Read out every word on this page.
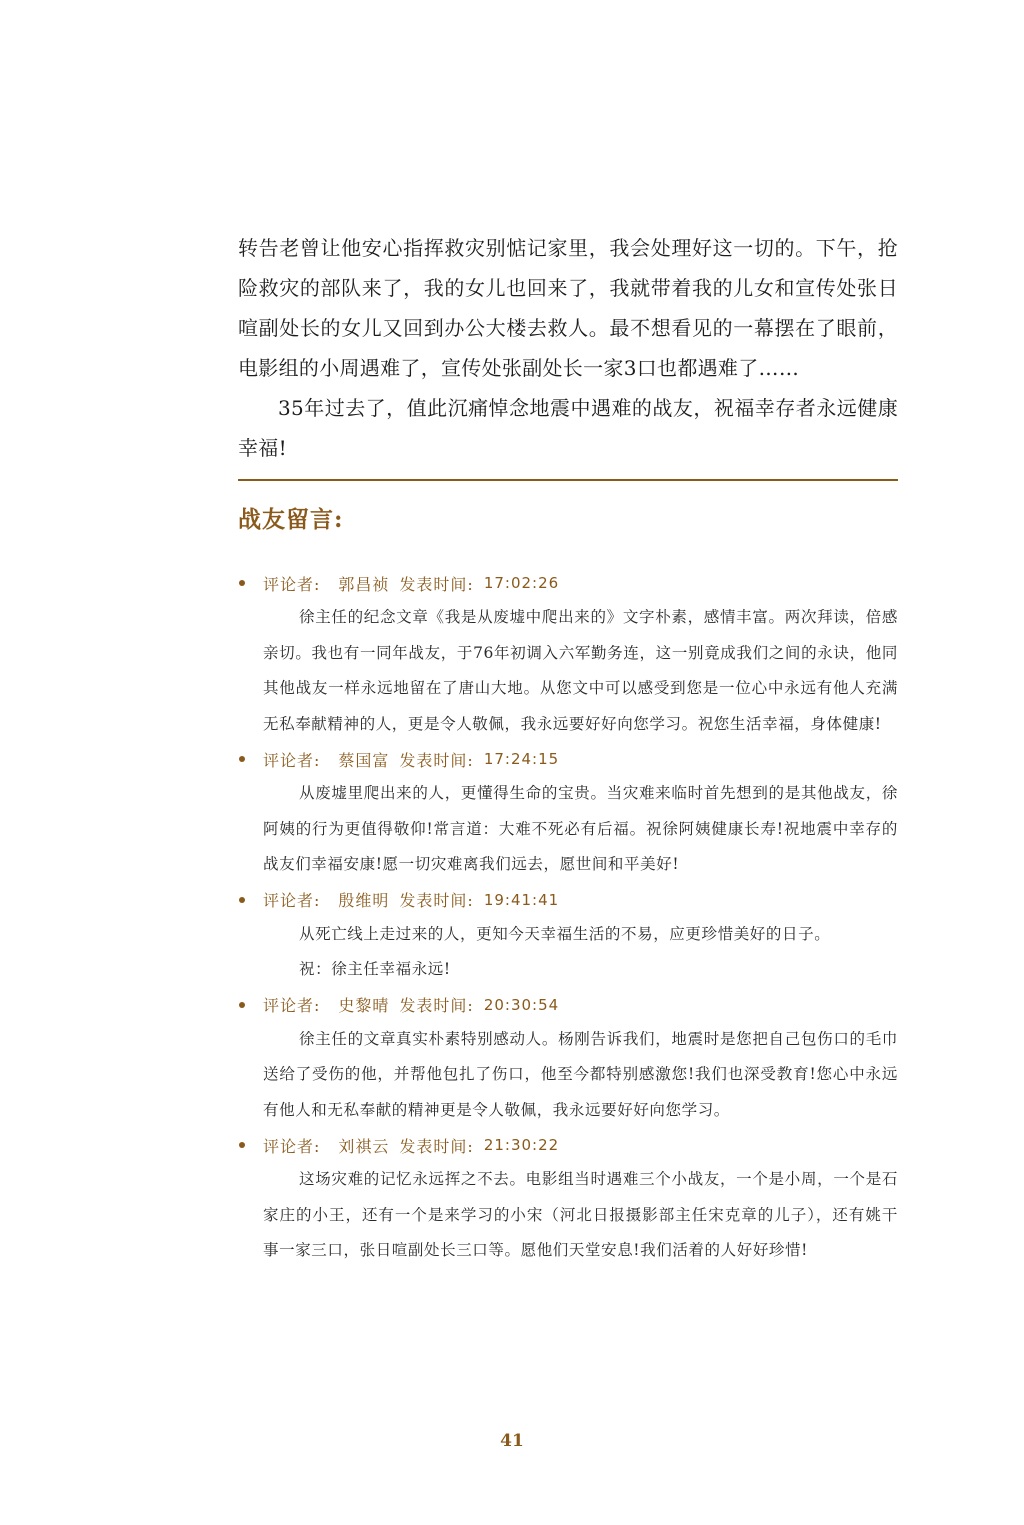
转告老曾让他安心指挥救灾别惦记家里，我会处理好这一切的。下午，抢险救灾的部队来了，我的女儿也回来了，我就带着我的儿女和宣传处张日喧副处长的女儿又回到办公大楼去救人。最不想看见的一幕摆在了眼前，电影组的小周遇难了，宣传处张副处长一家3口也都遇难了……

35年过去了，值此沉痛悼念地震中遇难的战友，祝福幸存者永远健康幸福!

战友留言:
评论者: 郭昌祯 发表时间: 17:02:26

徐主任的纪念文章《我是从废墟中爬出来的》文字朴素，感情丰富。两次拜读，倍感亲切。我也有一同年战友，于76年初调入六军勤务连，这一别竟成我们之间的永诀，他同其他战友一样永远地留在了唐山大地。从您文中可以感受到您是一位心中永远有他人充满无私奉献精神的人，更是令人敬佩，我永远要好好向您学习。祝您生活幸福，身体健康!

评论者: 蔡国富 发表时间: 17:24:15

从废墟里爬出来的人，更懂得生命的宝贵。当灾难来临时首先想到的是其他战友，徐阿姨的行为更值得敬仰!常言道：大难不死必有后福。祝徐阿姨健康长寿!祝地震中幸存的战友们幸福安康!愿一切灾难离我们远去，愿世间和平美好!

评论者: 殷维明 发表时间: 19:41:41

从死亡线上走过来的人，更知今天幸福生活的不易，应更珍惜美好的日子。

祝：徐主任幸福永远!

评论者: 史黎晴 发表时间: 20:30:54

徐主任的文章真实朴素特别感动人。杨刚告诉我们，地震时是您把自己包伤口的毛巾送给了受伤的他，并帮他包扎了伤口，他至今都特别感激您!我们也深受教育!您心中永远有他人和无私奉献的精神更是令人敬佩，我永远要好好向您学习。

评论者: 刘祺云 发表时间: 21:30:22

这场灾难的记忆永远挥之不去。电影组当时遇难三个小战友，一个是小周，一个是石家庄的小王，还有一个是来学习的小宋（河北日报摄影部主任宋克章的儿子），还有姚干事一家三口，张日喧副处长三口等。愿他们天堂安息!我们活着的人好好珍惜!

41
